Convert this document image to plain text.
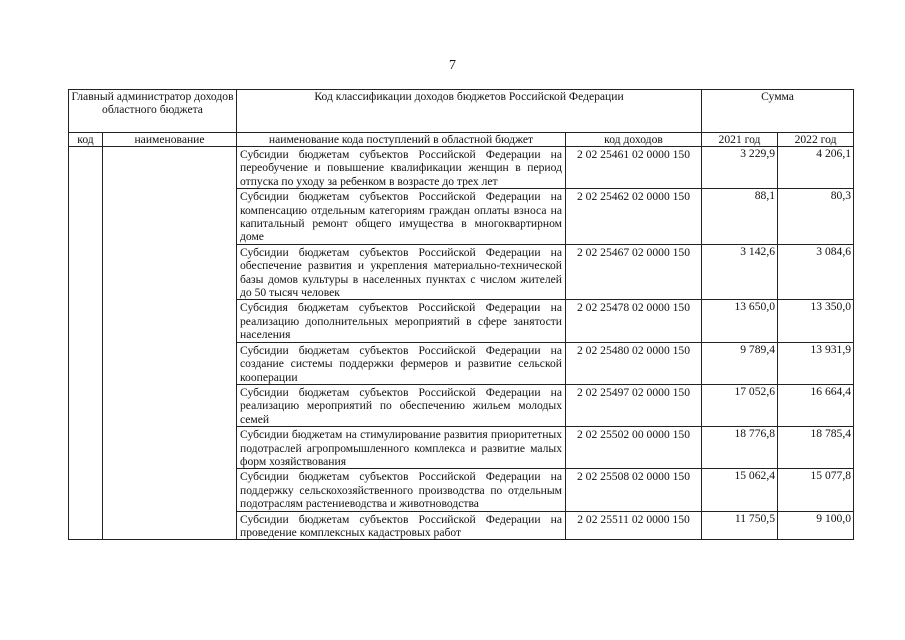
7
Главный администратор доходов областного бюджета		Код классификации доходов бюджетов Российской Федерации		Сумма	
код	наименование	наименование кода поступлений в областной бюджет	код доходов	2021 год	2022 год
		Субсидии бюджетам субъектов Российской Федерации на переобучение и повышение квалификации женщин в период отпуска по уходу за ребенком в возрасте до трех лет	2 02 25461 02 0000 150	3 229,9	4 206,1
		Субсидии бюджетам субъектов Российской Федерации на компенсацию отдельным категориям граждан оплаты взноса на капитальный ремонт общего имущества в многоквартирном доме	2 02 25462 02 0000 150	88,1	80,3
		Субсидии бюджетам субъектов Российской Федерации на обеспечение развития и укрепления материально-технической базы домов культуры в населенных пунктах с числом жителей до 50 тысяч человек	2 02 25467 02 0000 150	3 142,6	3 084,6
		Субсидия бюджетам субъектов Российской Федерации на реализацию дополнительных мероприятий в сфере занятости населения	2 02 25478 02 0000 150	13 650,0	13 350,0
		Субсидии бюджетам субъектов Российской Федерации на создание системы поддержки фермеров и развитие сельской кооперации	2 02 25480 02 0000 150	9 789,4	13 931,9
		Субсидии бюджетам субъектов Российской Федерации на реализацию мероприятий по обеспечению жильем молодых семей	2 02 25497 02 0000 150	17 052,6	16 664,4
		Субсидии бюджетам на стимулирование развития приоритетных подотраслей агропромышленного комплекса и развитие малых форм хозяйствования	2 02 25502 00 0000 150	18 776,8	18 785,4
		Субсидии бюджетам субъектов Российской Федерации на поддержку сельскохозяйственного производства по отдельным подотраслям растениеводства и животноводства	2 02 25508 02 0000 150	15 062,4	15 077,8
		Субсидии бюджетам субъектов Российской Федерации на проведение комплексных кадастровых работ	2 02 25511 02 0000 150	11 750,5	9 100,0
